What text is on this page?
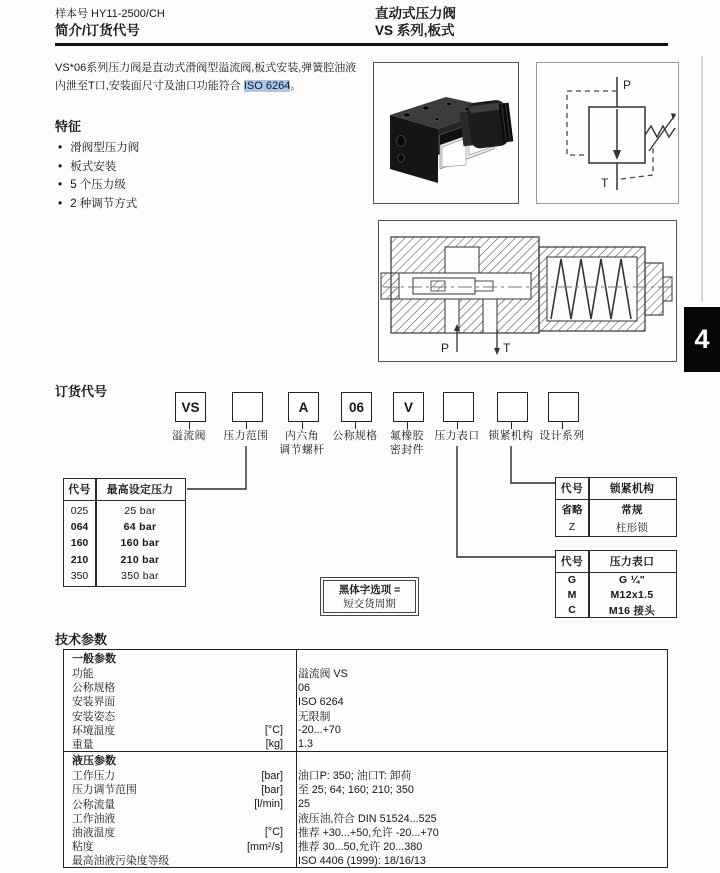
样本号 HY11-2500/CH
简介/订货代号
直动式压力阀
VS 系列,板式
VS*06系列压力阀是直动式滑阀型溢流阀,板式安装,弹簧腔油液
内泄至T口,安装面尺寸及油口功能符合 ISO 6264。
特征
• 滑阀型压力阀
• 板式安装
• 5 个压力级
• 2 种调节方式
P
T
P	T	4
订货代号
VS	A	06	V
溢流阀 压力范围	内六角
调节螺杆
公称规格 氟橡胶
密封件
压力表口 锁紧机构 设计系列
代号	最高设定压力
025	25 bar
064	64 bar
160	160 bar
210	210 bar
350	350 bar
代号	锁紧机构
省略	常规
Z	柱形锁
代号	压力表口
G	G ¼"
M	M12x1.5
C	M16 接头
黑体字选项 =
短交货周期
技术参数
一般参数
功能	溢流阀 VS
公称规格	06
安装界面	ISO 6264
安装姿态	无限制
环境温度	[°C]	-20...+70
重量	[kg]	1.3
液压参数
工作压力	[bar]	油口P: 350; 油口T: 卸荷
压力调节范围	[bar]	至 25; 64; 160; 210; 350
公称流量	[l/min]	25
工作油液	液压油,符合 DIN 51524...525
油液温度	[°C]	推荐 +30...+50,允许 -20...+70
粘度	[mm²/s]	推荐 30...50,允许 20...380
最高油液污染度等级	ISO 4406 (1999): 18/16/13
